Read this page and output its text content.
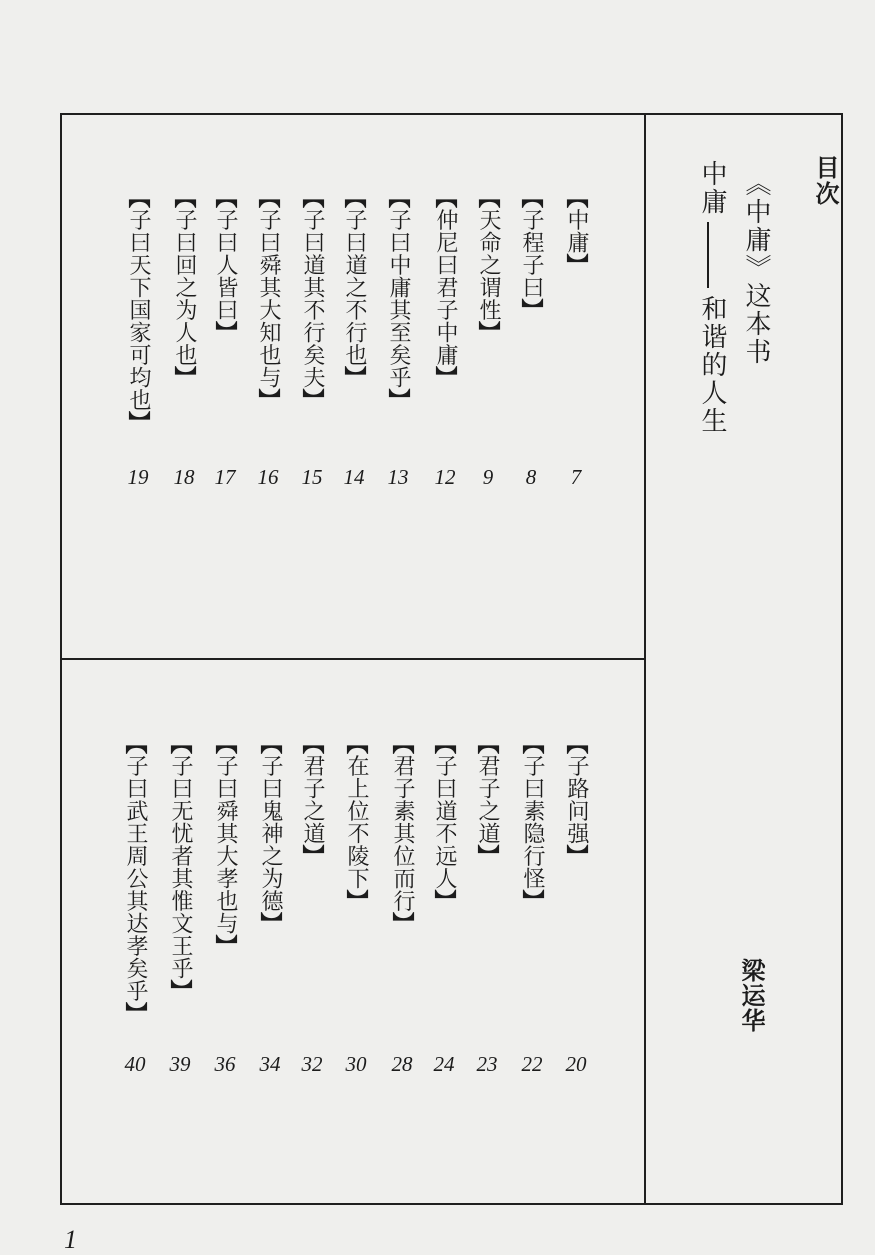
目次
《中庸》这本书
中庸
和谐的人生
梁运华
1
【中庸】
7
【子程子曰】
8
【天命之谓性】
9
【仲尼曰君子中庸】
12
【子曰中庸其至矣乎】
13
【子曰道之不行也】
14
【子曰道其不行矣夫】
15
【子曰舜其大知也与】
16
【子曰人皆曰】
17
【子曰回之为人也】
18
【子曰天下国家可均也】
19
【子路问强】
20
【子曰素隐行怪】
22
【君子之道】
23
【子曰道不远人】
24
【君子素其位而行】
28
【在上位不陵下】
30
【君子之道】
32
【子曰鬼神之为德】
34
【子曰舜其大孝也与】
36
【子曰无忧者其惟文王乎】
39
【子曰武王周公其达孝矣乎】
40
